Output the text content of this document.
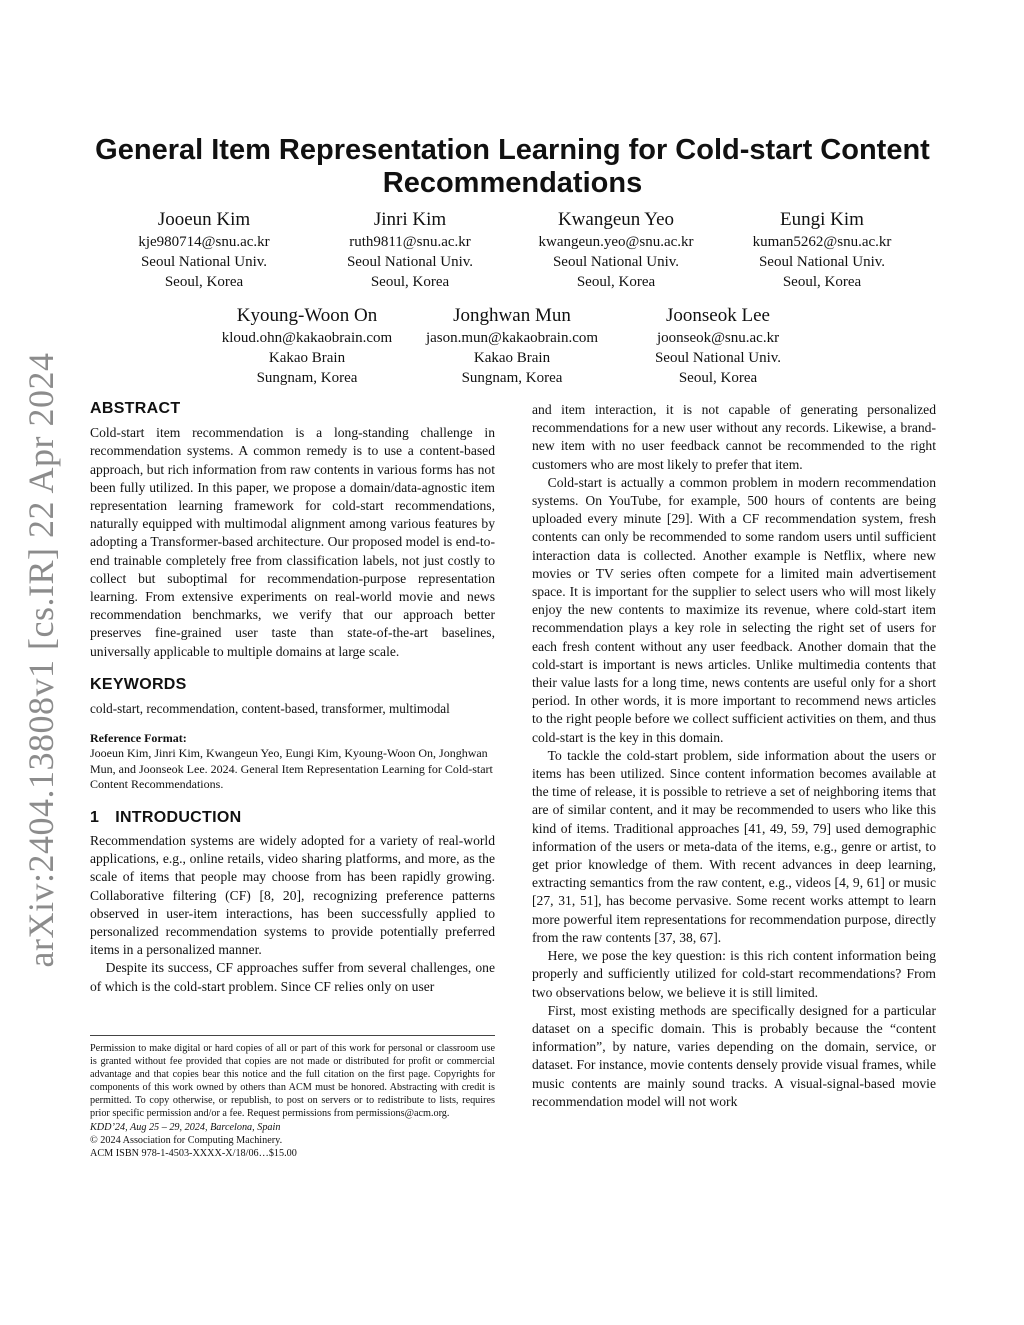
arXiv:2404.13808v1 [cs.IR] 22 Apr 2024
General Item Representation Learning for Cold-start Content Recommendations
Jooeun Kim
kje980714@snu.ac.kr
Seoul National Univ.
Seoul, Korea
Jinri Kim
ruth9811@snu.ac.kr
Seoul National Univ.
Seoul, Korea
Kwangeun Yeo
kwangeun.yeo@snu.ac.kr
Seoul National Univ.
Seoul, Korea
Eungi Kim
kuman5262@snu.ac.kr
Seoul National Univ.
Seoul, Korea
Kyoung-Woon On
kloud.ohn@kakaobrain.com
Kakao Brain
Sungnam, Korea
Jonghwan Mun
jason.mun@kakaobrain.com
Kakao Brain
Sungnam, Korea
Joonseok Lee
joonseok@snu.ac.kr
Seoul National Univ.
Seoul, Korea
ABSTRACT

Cold-start item recommendation is a long-standing challenge in recommendation systems. A common remedy is to use a content-based approach, but rich information from raw contents in various forms has not been fully utilized. In this paper, we propose a domain/data-agnostic item representation learning framework for cold-start recommendations, naturally equipped with multimodal alignment among various features by adopting a Transformer-based architecture. Our proposed model is end-to-end trainable completely free from classification labels, not just costly to collect but suboptimal for recommendation-purpose representation learning. From extensive experiments on real-world movie and news recommendation benchmarks, we verify that our approach better preserves fine-grained user taste than state-of-the-art baselines, universally applicable to multiple domains at large scale.

KEYWORDS

cold-start, recommendation, content-based, transformer, multimodal

Reference Format:

Jooeun Kim, Jinri Kim, Kwangeun Yeo, Eungi Kim, Kyoung-Woon On, Jonghwan Mun, and Joonseok Lee. 2024. General Item Representation Learning for Cold-start Content Recommendations.

1 INTRODUCTION

Recommendation systems are widely adopted for a variety of real-world applications, e.g., online retails, video sharing platforms, and more, as the scale of items that people may choose from has been rapidly growing. Collaborative filtering (CF) [8, 20], recognizing preference patterns observed in user-item interactions, has been successfully applied to personalized recommendation systems to provide potentially preferred items in a personalized manner.

Despite its success, CF approaches suffer from several challenges, one of which is the cold-start problem. Since CF relies only on user

Permission to make digital or hard copies of all or part of this work for personal or classroom use is granted without fee provided that copies are not made or distributed for profit or commercial advantage and that copies bear this notice and the full citation on the first page. Copyrights for components of this work owned by others than ACM must be honored. Abstracting with credit is permitted. To copy otherwise, or republish, to post on servers or to redistribute to lists, requires prior specific permission and/or a fee. Request permissions from permissions@acm.org.

KDD’24, Aug 25 – 29, 2024, Barcelona, Spain

© 2024 Association for Computing Machinery.

ACM ISBN 978-1-4503-XXXX-X/18/06…$15.00

and item interaction, it is not capable of generating personalized recommendations for a new user without any records. Likewise, a brand-new item with no user feedback cannot be recommended to the right customers who are most likely to prefer that item.

Cold-start is actually a common problem in modern recommendation systems. On YouTube, for example, 500 hours of contents are being uploaded every minute [29]. With a CF recommendation system, fresh contents can only be recommended to some random users until sufficient interaction data is collected. Another example is Netflix, where new movies or TV series often compete for a limited main advertisement space. It is important for the supplier to select users who will most likely enjoy the new contents to maximize its revenue, where cold-start item recommendation plays a key role in selecting the right set of users for each fresh content without any user feedback. Another domain that the cold-start is important is news articles. Unlike multimedia contents that their value lasts for a long time, news contents are useful only for a short period. In other words, it is more important to recommend news articles to the right people before we collect sufficient activities on them, and thus cold-start is the key in this domain.

To tackle the cold-start problem, side information about the users or items has been utilized. Since content information becomes available at the time of release, it is possible to retrieve a set of neighboring items that are of similar content, and it may be recommended to users who like this kind of items. Traditional approaches [41, 49, 59, 79] used demographic information of the users or meta-data of the items, e.g., genre or artist, to get prior knowledge of them. With recent advances in deep learning, extracting semantics from the raw content, e.g., videos [4, 9, 61] or music [27, 31, 51], has become pervasive. Some recent works attempt to learn more powerful item representations for recommendation purpose, directly from the raw contents [37, 38, 67].

Here, we pose the key question: is this rich content information being properly and sufficiently utilized for cold-start recommendations? From two observations below, we believe it is still limited.

First, most existing methods are specifically designed for a particular dataset on a specific domain. This is probably because the “content information”, by nature, varies depending on the domain, service, or dataset. For instance, movie contents densely provide visual frames, while music contents are mainly sound tracks. A visual-signal-based movie recommendation model will not work
